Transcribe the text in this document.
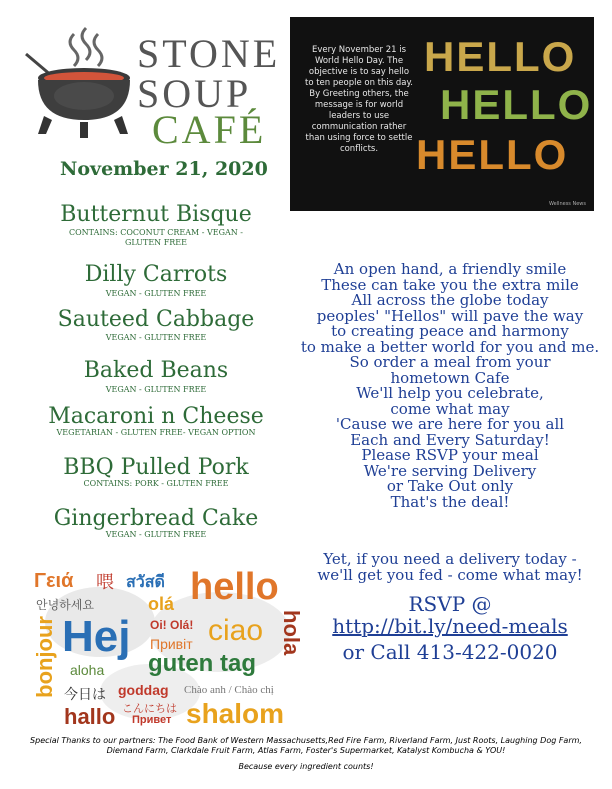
STONE
SOUP
CAFÉ
November 21, 2020
Butternut Bisque
CONTAINS: COCONUT CREAM - VEGAN - GLUTEN FREE
Dilly Carrots
VEGAN - GLUTEN FREE
Sauteed Cabbage
VEGAN - GLUTEN FREE
Baked Beans
VEGAN - GLUTEN FREE
Macaroni n Cheese
VEGETARIAN - GLUTEN FREE- VEGAN OPTION
BBQ Pulled Pork
CONTAINS: PORK - GLUTEN FREE
Gingerbread Cake
VEGAN - GLUTEN FREE
Every November 21 is World Hello Day. The objective is to say hello to ten people on this day. By Greeting others, the message is for world leaders to use communication rather than using force to settle conflicts.
HELLO
HELLO
HELLO
Wellness News
An open hand, a friendly smile
These can take you the extra mile
All across the globe today
peoples' "Hellos" will pave the way
to creating peace and harmony
to make a better world for you and me.
So order a meal from your
hometown Cafe
We'll help you celebrate,
come what may
'Cause we are here for you all
Each and Every Saturday!
Please RSVP your meal
We're serving Delivery
or Take Out only
That's the deal!
Yet, if you need a delivery today -
we'll get you fed - come what may!
RSVP @
http://bit.ly/need-meals
or Call 413-422-0020
Γειά 喂 สวัสดี hello
안녕하세요	olá
hola
Hej Oi! Olá! ciao
bonjour	Привіт
guten tag
aloha
今日は goddag Chào anh / Chào chị
こんにちは
hallo Привет shalom
Special Thanks to our partners: The Food Bank of Western Massachusetts,Red Fire Farm, Riverland Farm, Just Roots, Laughing Dog Farm, Diemand Farm, Clarkdale Fruit Farm, Atlas Farm, Foster's Supermarket, Katalyst Kombucha & YOU!
Because every ingredient counts!
